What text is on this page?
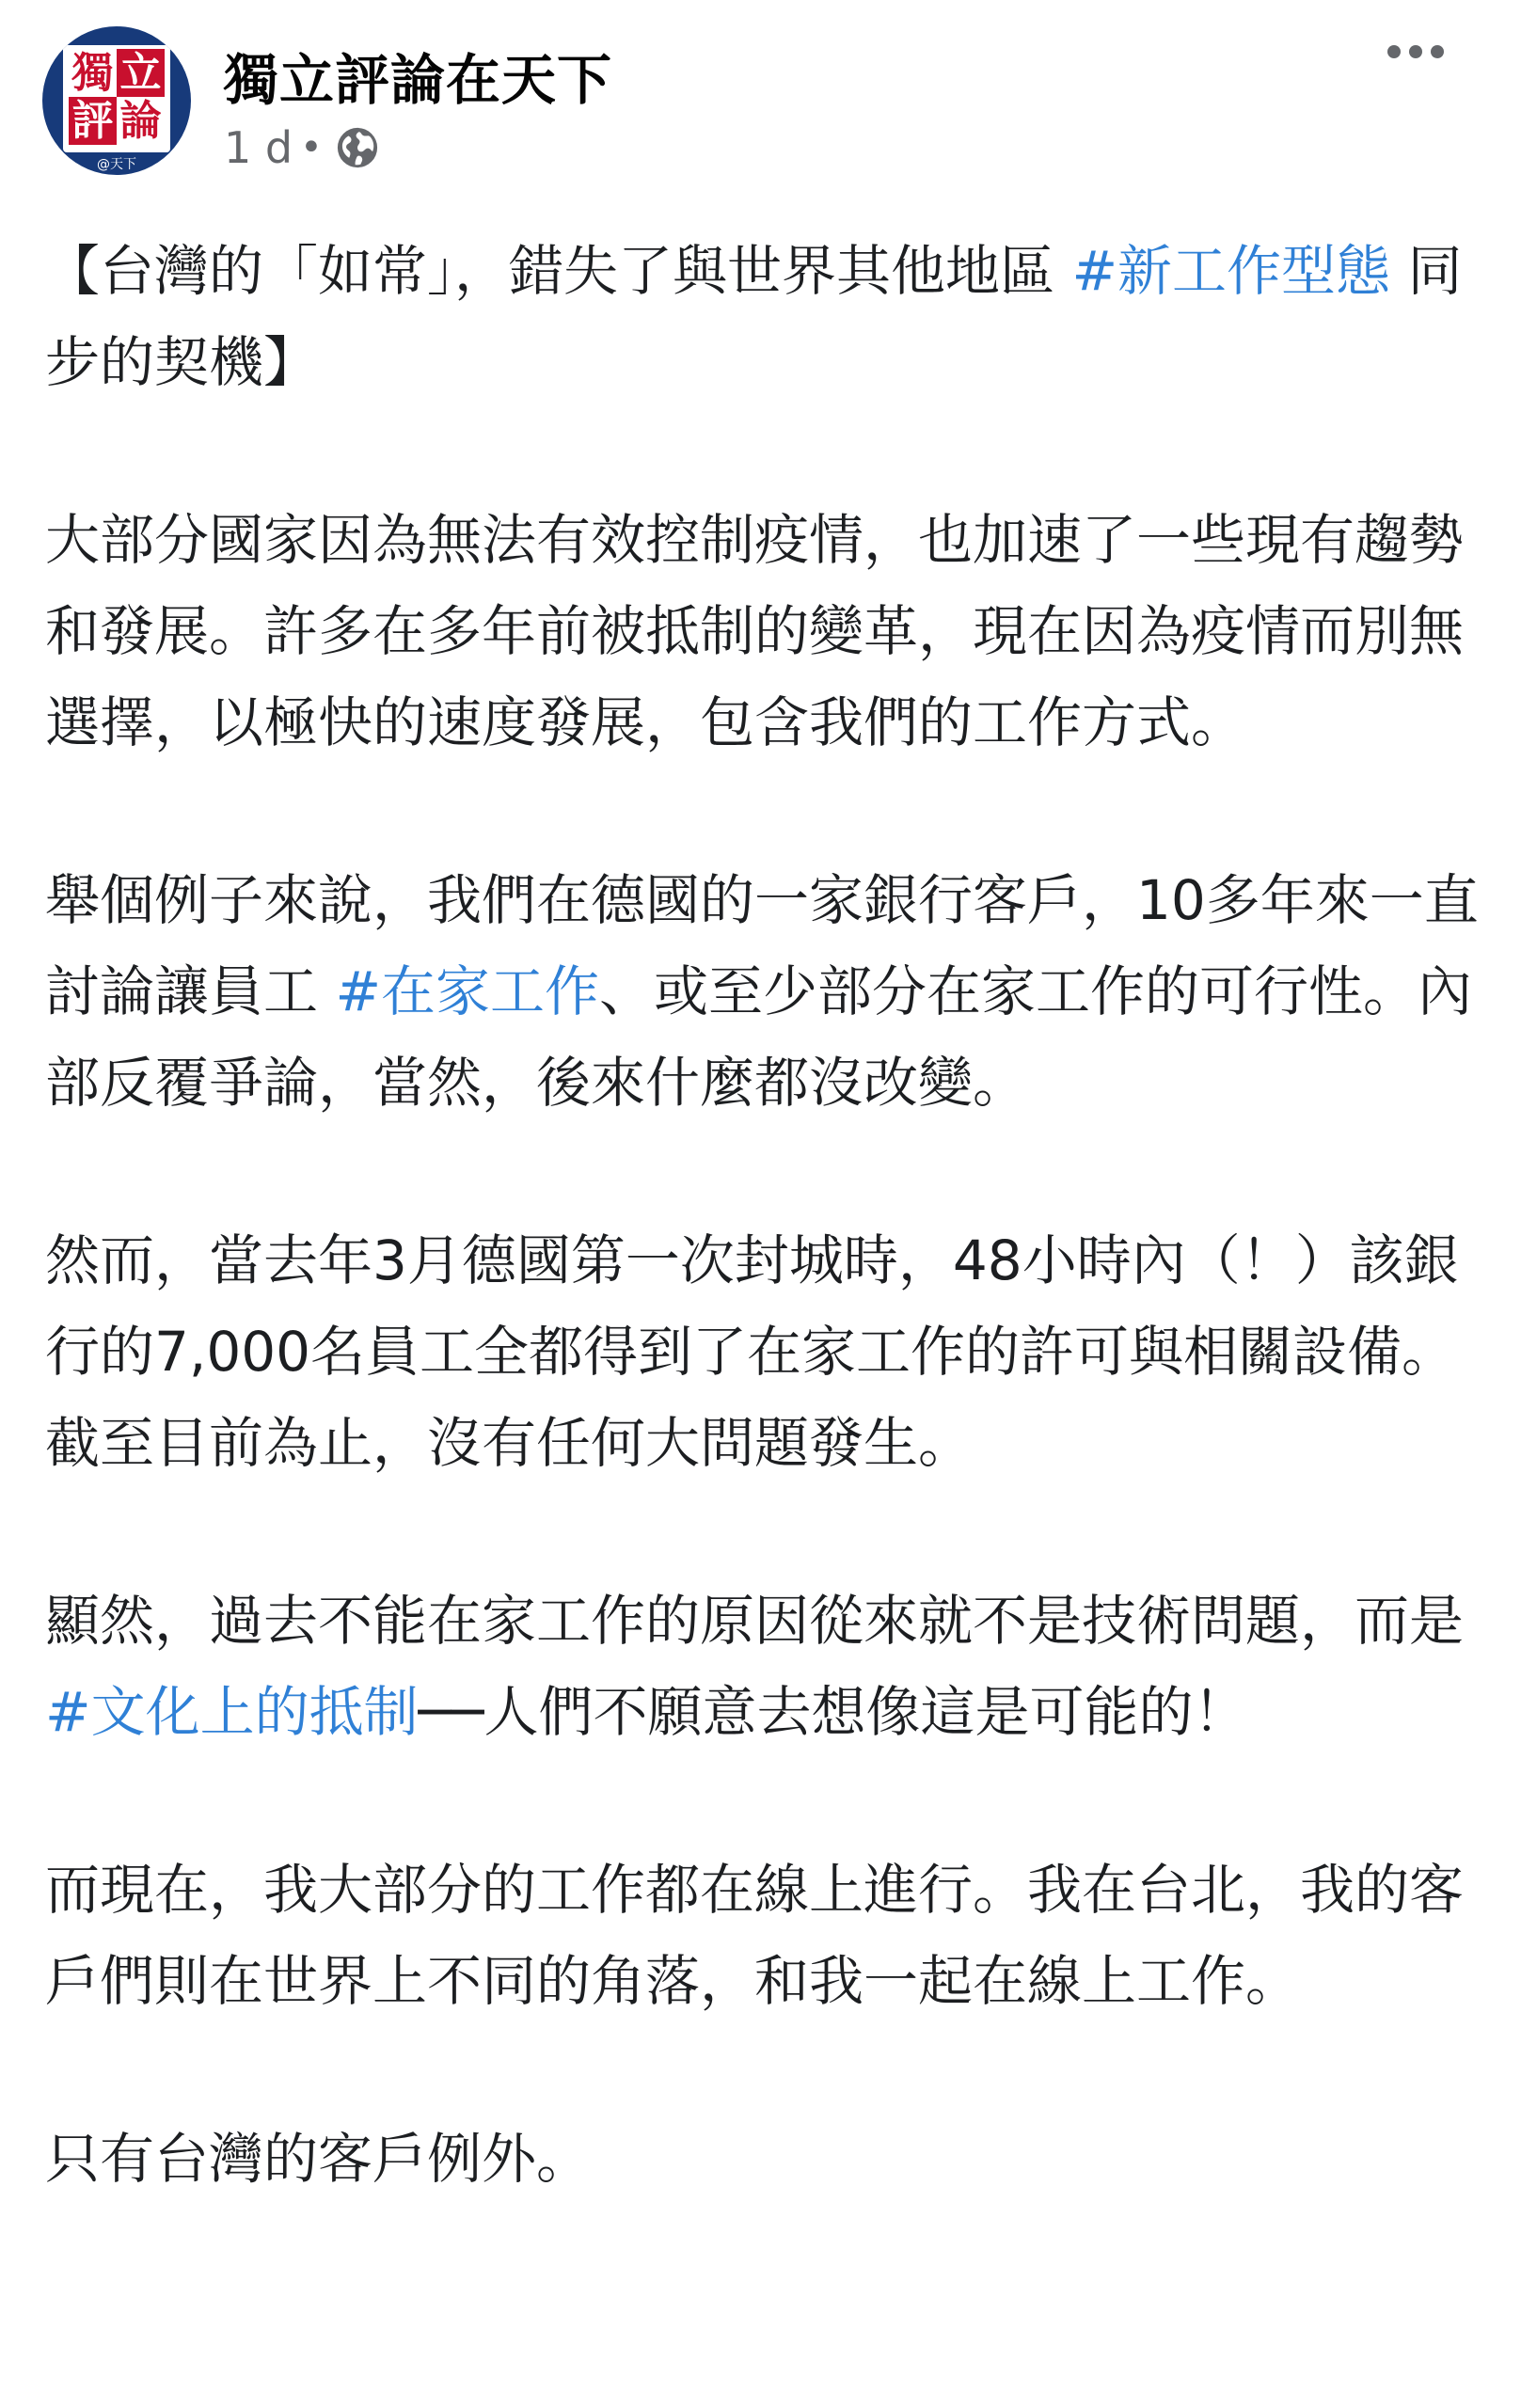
獨 立
評 論
@天下
獨立評論在天下
1 d •

【台灣的「如常」，錯失了與世界其他地區 #新工作型態 同步的契機】

大部分國家因為無法有效控制疫情，也加速了一些現有趨勢和發展。許多在多年前被抵制的變革，現在因為疫情而別無選擇，以極快的速度發展，包含我們的工作方式。

舉個例子來說，我們在德國的一家銀行客戶，10多年來一直討論讓員工 #在家工作、或至少部分在家工作的可行性。內部反覆爭論，當然，後來什麼都沒改變。

然而，當去年3月德國第一次封城時，48小時內（！）該銀行的7,000名員工全都得到了在家工作的許可與相關設備。截至目前為止，沒有任何大問題發生。

顯然，過去不能在家工作的原因從來就不是技術問題，而是 #文化上的抵制──人們不願意去想像這是可能的！

而現在，我大部分的工作都在線上進行。我在台北，我的客戶們則在世界上不同的角落，和我一起在線上工作。

只有台灣的客戶例外。
